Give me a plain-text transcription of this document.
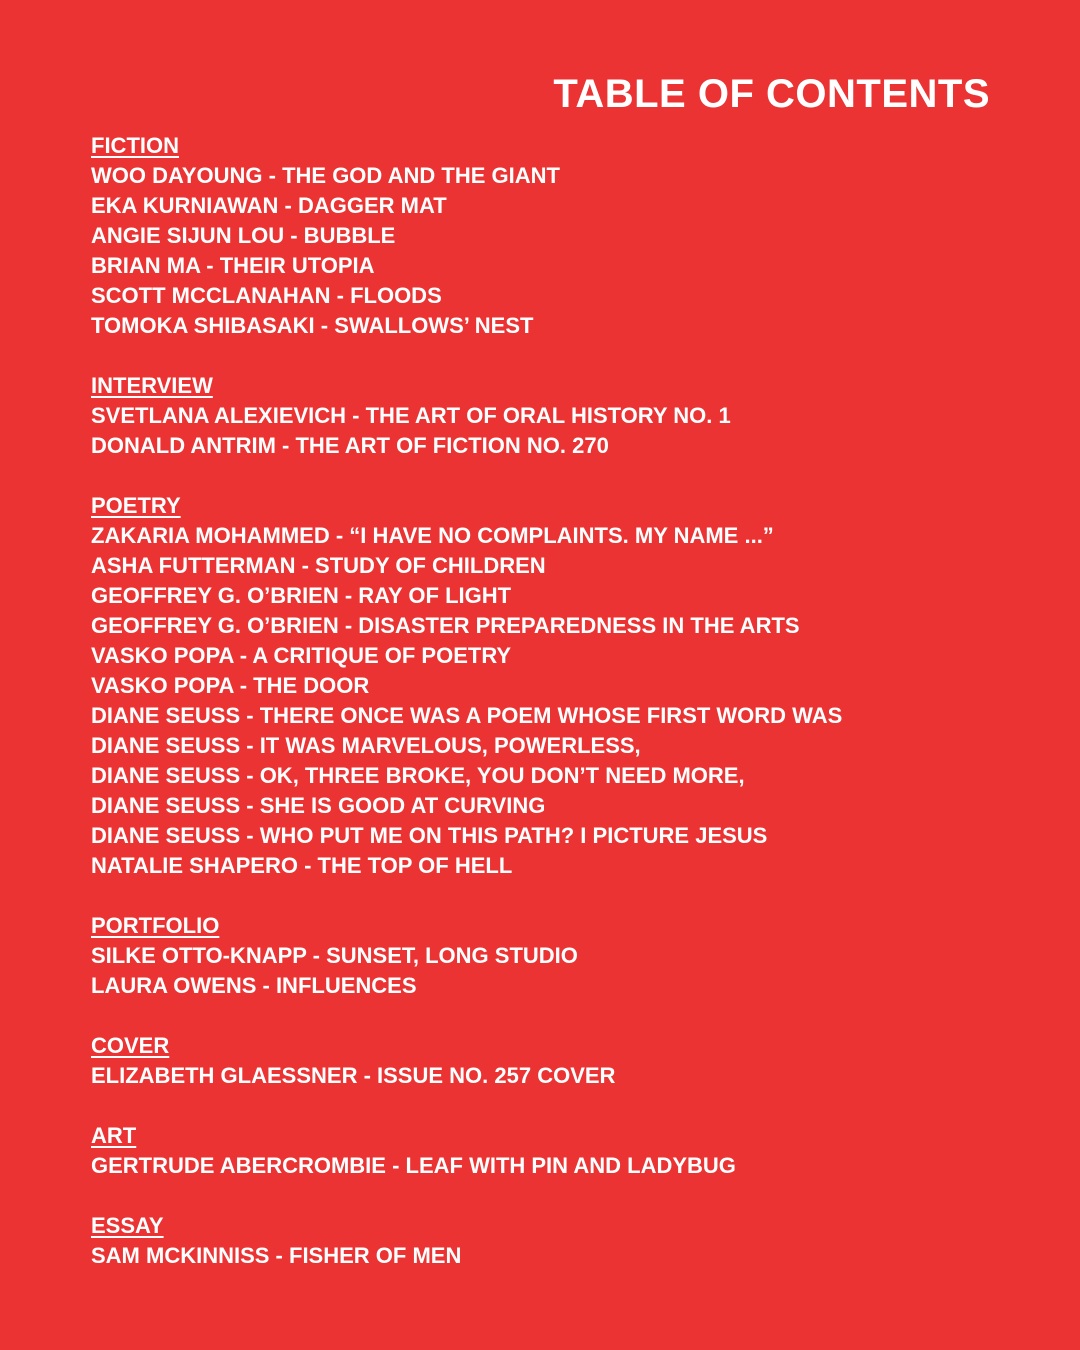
TABLE OF CONTENTS
FICTION
WOO DAYOUNG - THE GOD AND THE GIANT
EKA KURNIAWAN - DAGGER MAT
ANGIE SIJUN LOU - BUBBLE
BRIAN MA - THEIR UTOPIA
SCOTT MCCLANAHAN - FLOODS
TOMOKA SHIBASAKI - SWALLOWS’ NEST
INTERVIEW
SVETLANA ALEXIEVICH - THE ART OF ORAL HISTORY NO. 1
DONALD ANTRIM - THE ART OF FICTION NO. 270
POETRY
ZAKARIA MOHAMMED - “I HAVE NO COMPLAINTS. MY NAME ...”
ASHA FUTTERMAN - STUDY OF CHILDREN
GEOFFREY G. O’BRIEN - RAY OF LIGHT
GEOFFREY G. O’BRIEN - DISASTER PREPAREDNESS IN THE ARTS
VASKO POPA - A CRITIQUE OF POETRY
VASKO POPA - THE DOOR
DIANE SEUSS - THERE ONCE WAS A POEM WHOSE FIRST WORD WAS
DIANE SEUSS - IT WAS MARVELOUS, POWERLESS,
DIANE SEUSS - OK, THREE BROKE, YOU DON’T NEED MORE,
DIANE SEUSS - SHE IS GOOD AT CURVING
DIANE SEUSS - WHO PUT ME ON THIS PATH? I PICTURE JESUS
NATALIE SHAPERO - THE TOP OF HELL
PORTFOLIO
SILKE OTTO-KNAPP - SUNSET, LONG STUDIO
LAURA OWENS - INFLUENCES
COVER
ELIZABETH GLAESSNER - ISSUE NO. 257 COVER
ART
GERTRUDE ABERCROMBIE - LEAF WITH PIN AND LADYBUG
ESSAY
SAM MCKINNISS - FISHER OF MEN
